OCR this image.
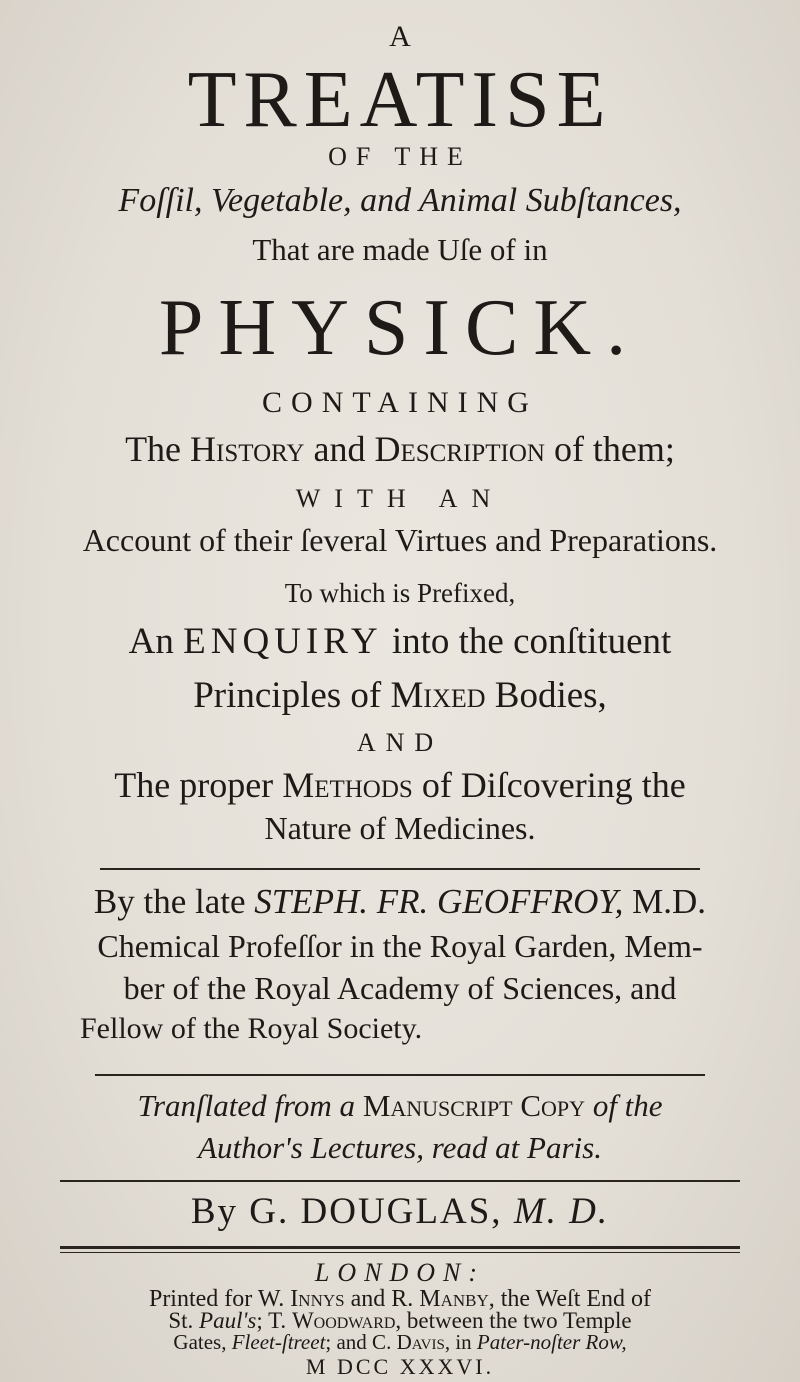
A
TREATISE
OF THE
Foſſil, Vegetable, and Animal Subſtances,
That are made Uſe of in
PHYSICK.
CONTAINING
The History and Description of them;
WITH AN
Account of their ſeveral Virtues and Preparations.
To which is Prefixed,
An ENQUIRY into the conſtituent
Principles of Mixed Bodies,
AND
The proper Methods of Diſcovering the
Nature of Medicines.
By the late STEPH. FR. GEOFFROY, M.D.
Chemical Profeſſor in the Royal Garden, Mem-
ber of the Royal Academy of Sciences, and
Fellow of the Royal Society.
Tranſlated from a Manuscript Copy of the
Author's Lectures, read at Paris.
By G. DOUGLAS, M. D.
LONDON:
Printed for W. Innys and R. Manby, the Weſt End of
St. Paul's; T. Woodward, between the two Temple
Gates, Fleet-ſtreet; and C. Davis, in Pater-noſter Row,
M DCC XXXVI.
